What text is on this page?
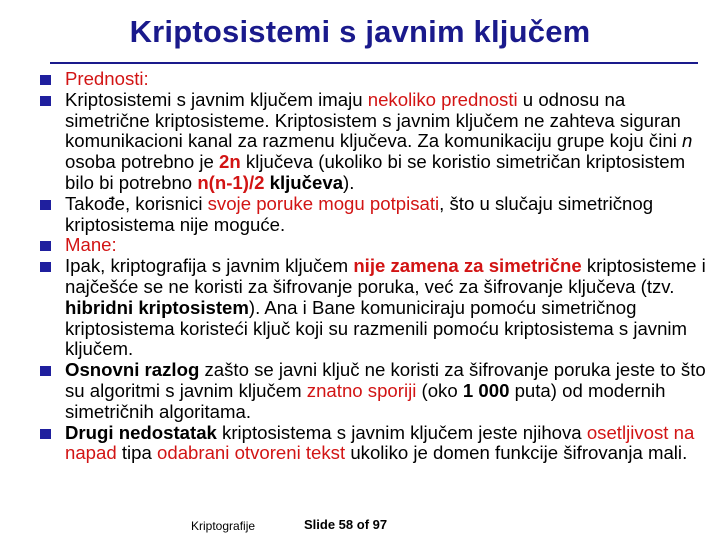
Kriptosistemi s javnim ključem
Prednosti:
Kriptosistemi s javnim ključem imaju nekoliko prednosti u odnosu na simetrične kriptosisteme. Kriptosistem s javnim ključem ne zahteva siguran komunikacioni kanal za razmenu ključeva. Za komunikaciju grupe koju čini n osoba potrebno je 2n ključeva (ukoliko bi se koristio simetričan kriptosistem bilo bi potrebno n(n-1)/2 ključeva).
Takođe, korisnici svoje poruke mogu potpisati, što u slučaju simetričnog kriptosistema nije moguće.
Mane:
Ipak, kriptografija s javnim ključem nije zamena za simetrične kriptosisteme i najčešće se ne koristi za šifrovanje poruka, već za šifrovanje ključeva (tzv. hibridni kriptosistem). Ana i Bane komuniciraju pomoću simetričnog kriptosistema koristeći ključ koji su razmenili pomoću kriptosistema s javnim ključem.
Osnovni razlog zašto se javni ključ ne koristi za šifrovanje poruka jeste to što su algoritmi s javnim ključem znatno sporiji (oko 1 000 puta) od modernih simetričnih algoritama.
Drugi nedostatak kriptosistema s javnim ključem jeste njihova osetljivost na napad tipa odabrani otvoreni tekst ukoliko je domen funkcije šifrovanja mali.
Kriptografije	Slide 58 of 97
